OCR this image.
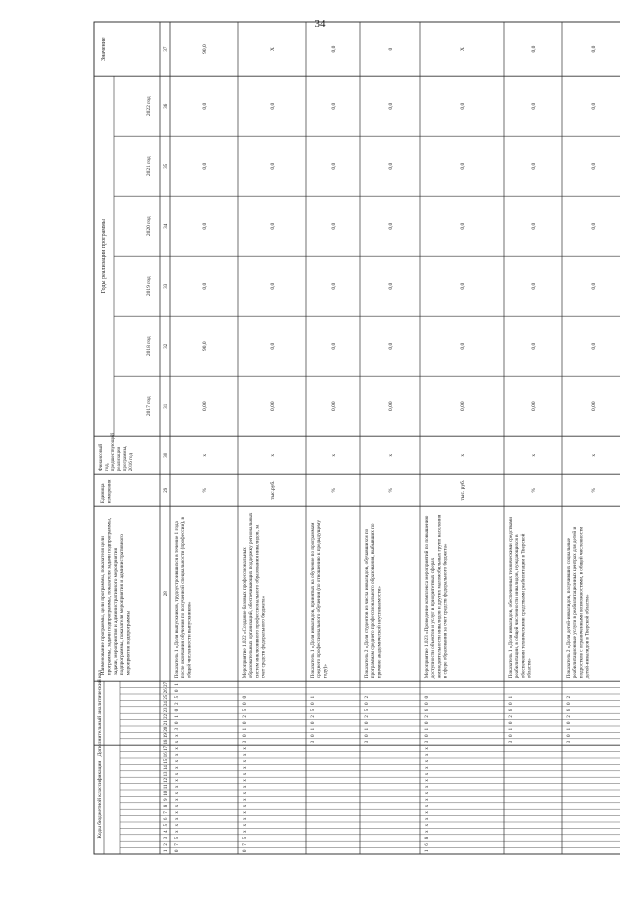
34
Коды бюджетной классификации
Дополнительный аналитический код
Наименование программы, цели программы, показателя целипрограммы, задачи подпрограммы, показателя задачи подпрограммы,задачи, мероприятия и административного мероприятияподпрограммы, показателя мероприятия и административногомероприятия подпрограммы
Единицаизмерения
Финансовыйгод,предшествующийреализациипрограммы,2016 год
Годы реализации программы
Значение
2017 год
2018 год
2019 год
2020 год
2021 год
2022 год
1
2
3
4
5
6
7
8
9
10
11
12
13
14
15
16
17
18
19
20
21
22
23
24
25
26
27
28
29
30
31
32
33
34
35
36
37
0
7
5
х
х
х
х
х
х
х
х
х
х
х
х
х
х
х
х
3
0
1
0
2
5
0
1
Показатель 1 «Доля выпускников, трудоустроившихся в течение 1 годапосле окончания обучения по полученной специальности (профессии), вобщей численности выпускников»
%
х
0,00
90,0
0,0
0,0
0,0
0,0
90,0
0
7
5
х
х
х
х
х
х
х
х
х
х
х
х
х
х
3
0
1
0
2
5
0
0
Мероприятие 1.022 «Создание базовых профессиональныхобразовательных организаций, обеспечивающих поддержку региональныхсистем инклюзивного профессионального образования инвалидов, засчет средств федерального бюджета»
тыс.руб.
х
0,00
0,0
0,0
0,0
0,0
0,0
Х
3
0
1
0
2
5
0
1
Показатель 1 «Доля инвалидов, принятых на обучение по программамсреднего профессионального обучения (по отношению к предыдущемугоду)»
%
х
0,00
0,0
0,0
0,0
0,0
0,0
0,0
3
0
1
0
2
5
0
2
Показатель 2 «Доля студентов из числа инвалидов, обучавшихся попрограммам среднего профессионального образования, выбывших попричине академической неуспеваемости»
%
х
0,00
0,0
0,0
0,0
0,0
0,0
0
1
6
8
х
х
х
х
х
х
х
х
х
х
х
х
х
х
3
0
1
0
2
6
0
0
Мероприятие 1.023 «Проведение комплекса мероприятий по повышениюдоступности объектов и услуг в приоритетных сферахжизнедеятельности инвалидов и других маломобильных групп населенияв сфере образования за счет средств федерального бюджета»
тыс. руб.
х
0,00
0,0
0,0
0,0
0,0
0,0
Х
3
0
1
0
2
6
0
1
Показатель 1 «Доля инвалидов, обеспеченных техническими средствамиреабилитации, в общей численности инвалидов, нуждающихся вобеспечении техническими средствами реабилитации в Тверскойобласти»
%
х
0,00
0,0
0,0
0,0
0,0
0,0
0,0
3
0
1
0
2
6
0
2
Показатель 2 «Доля детей-инвалидов, получивших социальныереабилитационные услуги в реабилитационных центрах для детей иподростков с ограниченными возможностями, в общей численностидетей-инвалидов в Тверской области»
%
х
0,00
0,0
0,0
0,0
0,0
0,0
0,0
